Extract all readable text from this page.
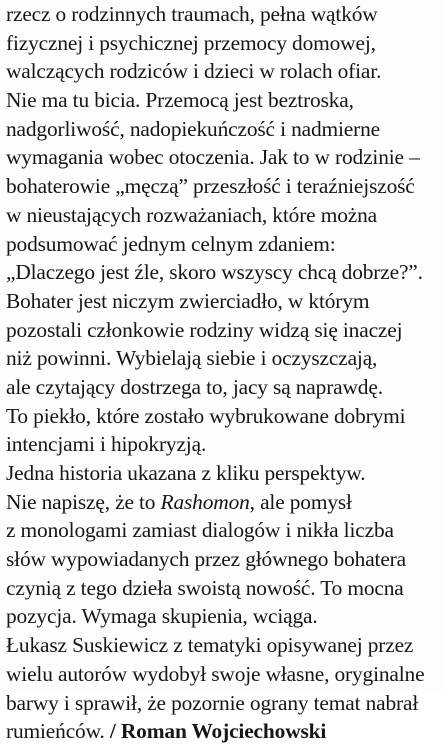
rzecz o rodzinnych traumach, pełna wątków
fizycznej i psychicznej przemocy domowej,
walczących rodziców i dzieci w rolach ofiar.
Nie ma tu bicia. Przemocą jest beztroska,
nadgorliwość, nadopiekuńczość i nadmierne
wymagania wobec otoczenia. Jak to w rodzinie –
bohaterowie „męczą” przeszłość i teraźniejszość
w nieustających rozważaniach, które można
podsumować jednym celnym zdaniem:
„Dlaczego jest źle, skoro wszyscy chcą dobrze?”.
Bohater jest niczym zwierciadło, w którym
pozostali członkowie rodziny widzą się inaczej
niż powinni. Wybielają siebie i oczyszczają,
ale czytający dostrzega to, jacy są naprawdę.
To piekło, które zostało wybrukowane dobrymi
intencjami i hipokryzją.
Jedna historia ukazana z kliku perspektyw.
Nie napiszę, że to Rashomon, ale pomysł
z monologami zamiast dialogów i nikła liczba
słów wypowiadanych przez głównego bohatera
czynią z tego dzieła swoistą nowość. To mocna
pozycja. Wymaga skupienia, wciąga.
Łukasz Suskiewicz z tematyki opisywanej przez
wielu autorów wydobył swoje własne, oryginalne
barwy i sprawił, że pozornie ograny temat nabrał
rumieńców. / Roman Wojciechowski
